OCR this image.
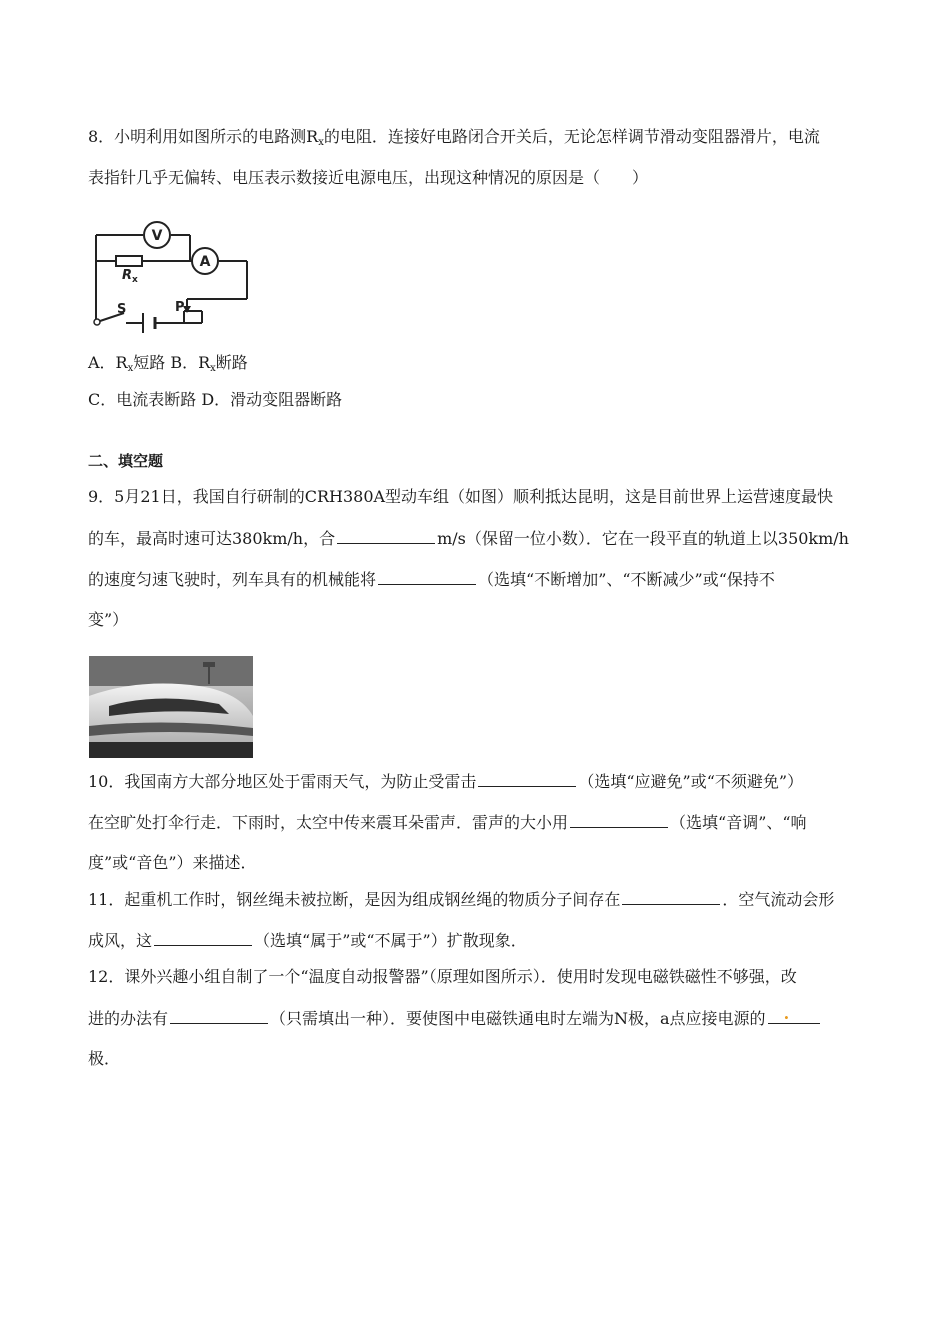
8．小明利用如图所示的电路测Rx的电阻．连接好电路闭合开关后，无论怎样调节滑动变阻器滑片，电流
表指针几乎无偏转、电压表示数接近电源电压，出现这种情况的原因是（　　）
V
A
R x
S	P
A．Rx短路 B．Rx断路
C．电流表断路 D．滑动变阻器断路
二、填空题
9．5月21日，我国自行研制的CRH380A型动车组（如图）顺利抵达昆明，这是目前世界上运营速度最快
的车，最高时速可达380km/h，合	m/s（保留一位小数）．它在一段平直的轨道上以350km/h
的速度匀速飞驶时，列车具有的机械能将	（选填“不断增加”、“不断减少”或“保持不
变”）
10．我国南方大部分地区处于雷雨天气，为防止受雷击	（选填“应避免”或“不须避免”）
在空旷处打伞行走．下雨时，太空中传来震耳朵雷声．雷声的大小用	（选填“音调”、“响
度”或“音色”）来描述．
11．起重机工作时，钢丝绳未被拉断，是因为组成钢丝绳的物质分子间存在	．空气流动会形
成风，这	（选填“属于”或“不属于”）扩散现象．
12．课外兴趣小组自制了一个“温度自动报警器”（原理如图所示）．使用时发现电磁铁磁性不够强，改
进的办法有	（只需填出一种）．要使图中电磁铁通电时左端为N极，a点应接电源的 .
极．
